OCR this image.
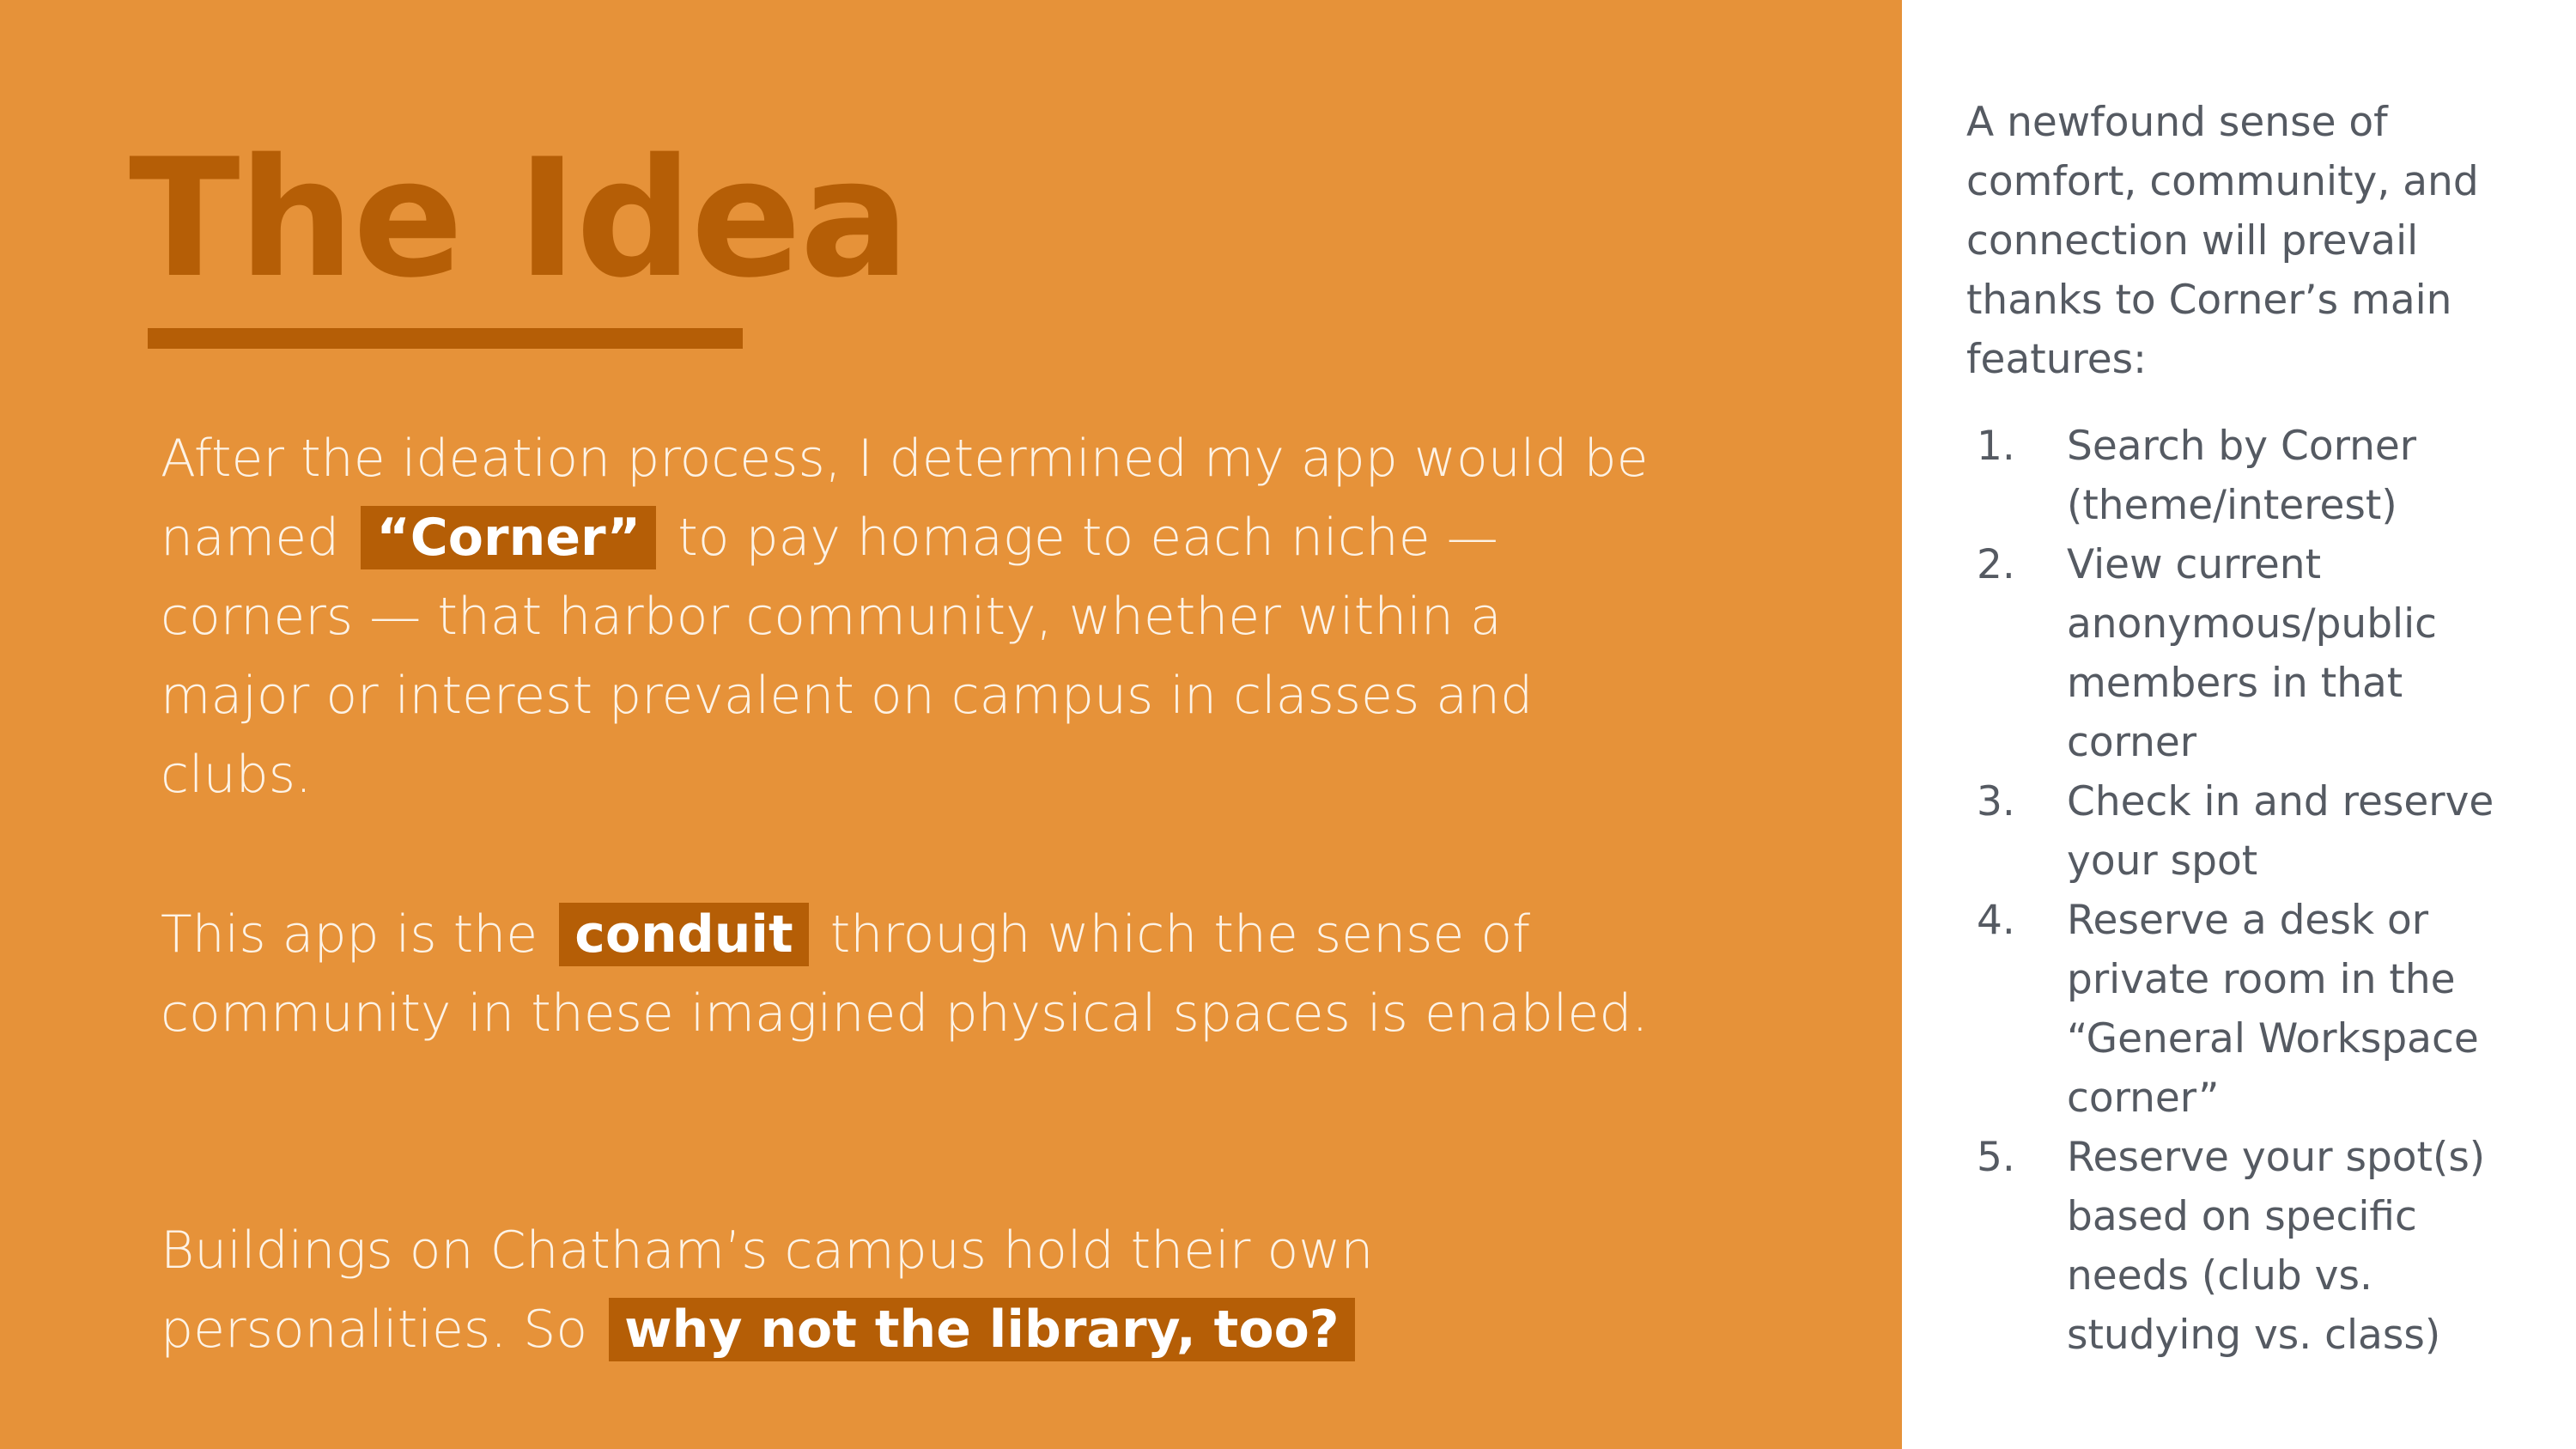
The Idea

After the ideation process, I determined my app would be named “Corner” to pay homage to each niche — corners — that harbor community, whether within a major or interest prevalent on campus in classes and clubs.

This app is the conduit through which the sense of community in these imagined physical spaces is enabled.

Buildings on Chatham’s campus hold their own personalities. So why not the library, too?

A newfound sense of comfort, community, and connection will prevail thanks to Corner’s main features:

1.	Search by Corner (theme/interest)
2.	View current anonymous/public members in that corner
3.	Check in and reserve your spot
4.	Reserve a desk or private room in the “General Workspace corner”
5.	Reserve your spot(s) based on specific needs (club vs. studying vs. class)
